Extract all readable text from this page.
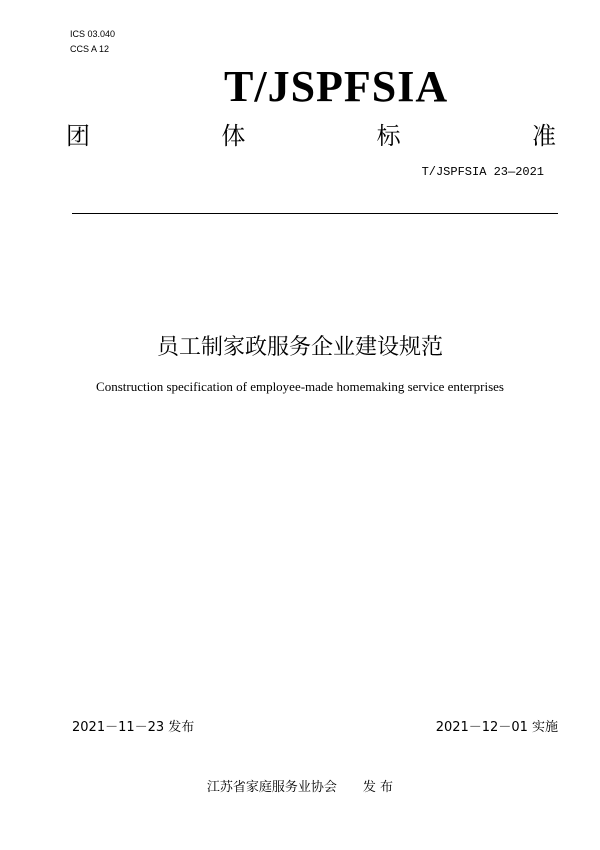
ICS 03.040
CCS A 12
T/JSPFSIA
团	体	标	准
T/JSPFSIA 23—2021
员工制家政服务企业建设规范
Construction specification of employee-made homemaking service enterprises
2021－11－23 发布	2021－12－01 实施
江苏省家庭服务业协会　　发 布
